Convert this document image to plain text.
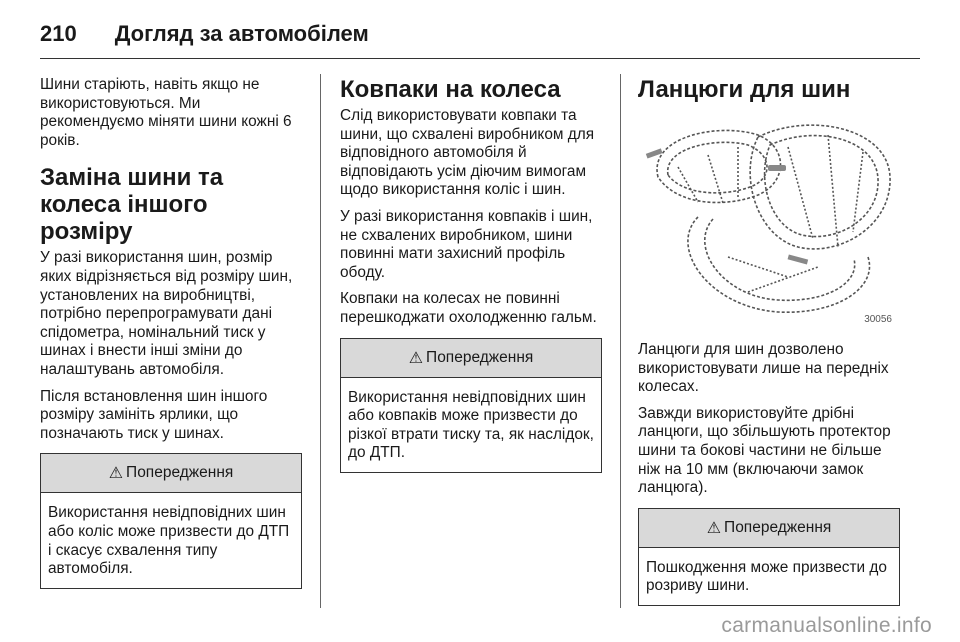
210 Догляд за автомобілем

Шини старіють, навіть якщо не використовуються. Ми рекомендуємо міняти шини кожні 6 років.

Заміна шини та колеса іншого розміру

У разі використання шин, розмір яких відрізняється від розміру шин, установлених на виробництві, потрібно перепрограмувати дані спідометра, номінальний тиск у шинах і внести інші зміни до налаштувань автомобіля.

Після встановлення шин іншого розміру замініть ярлики, що позначають тиск у шинах.

⚠ Попередження
Використання невідповідних шин або коліс може призвести до ДТП і скасує схвалення типу автомобіля.
Ковпаки на колеса

Слід використовувати ковпаки та шини, що схвалені виробником для відповідного автомобіля й відповідають усім діючим вимогам щодо використання коліс і шин.

У разі використання ковпаків і шин, не схвалених виробником, шини повинні мати захисний профіль ободу.

Ковпаки на колесах не повинні перешкоджати охолодженню гальм.

⚠ Попередження
Використання невідповідних шин або ковпаків може призвести до різкої втрати тиску та, як наслідок, до ДТП.
Ланцюги для шин
30056

Ланцюги для шин дозволено використовувати лише на передніх колесах.

Завжди використовуйте дрібні ланцюги, що збільшують протектор шини та бокові частини не більше ніж на 10 мм (включаючи замок ланцюга).

⚠ Попередження
Пошкодження може призвести до розриву шини.
carmanualsonline.info
